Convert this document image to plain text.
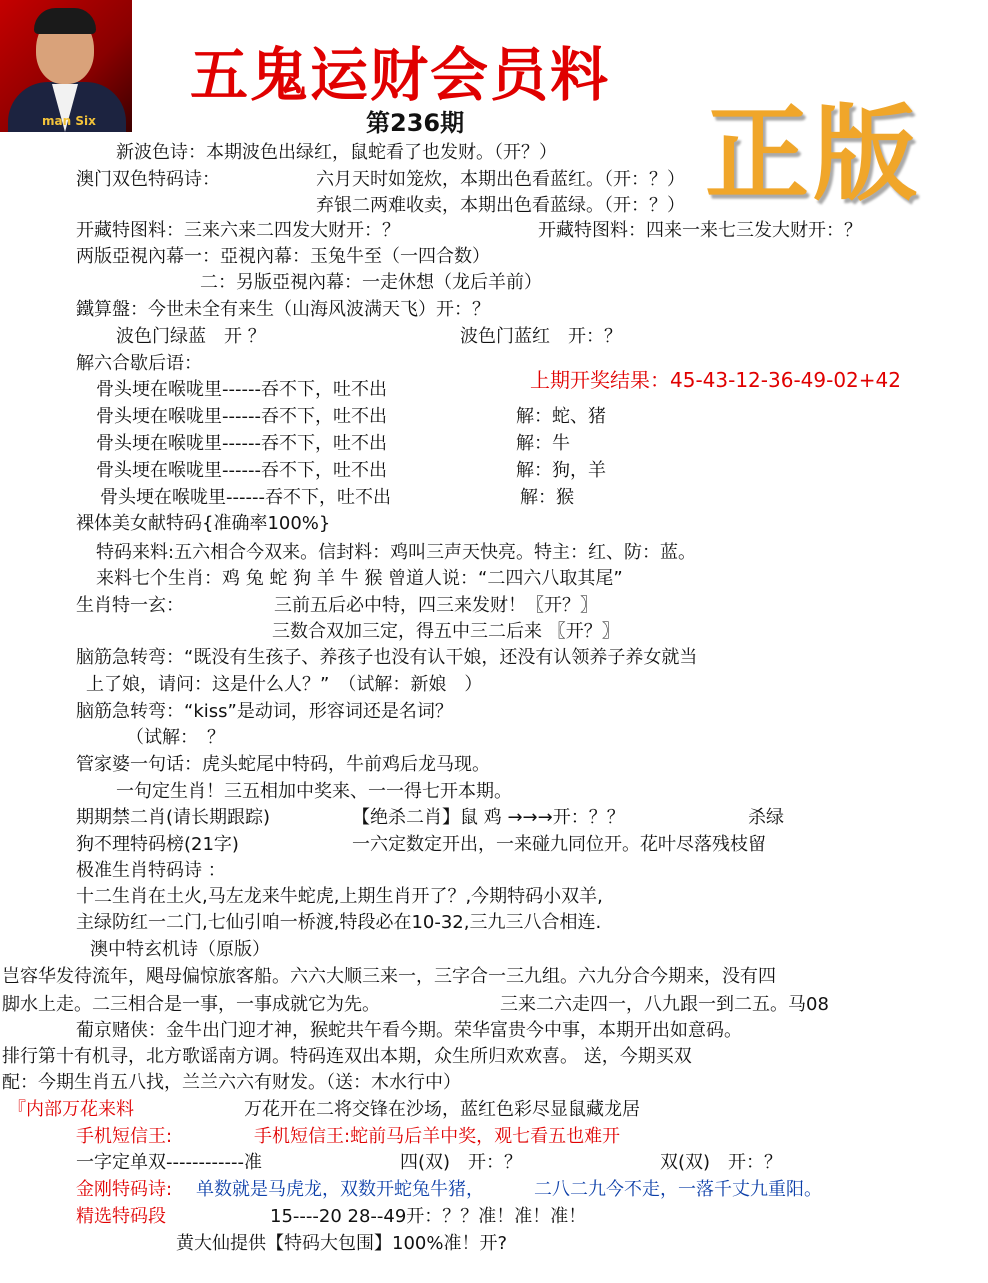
man Six
五鬼运财会员料
正版
第236期
新波色诗：本期波色出绿红，鼠蛇看了也发财。（开？）
澳门双色特码诗：	六月天时如笼炊，本期出色看蓝红。（开：？）
弃银二两难收卖，本期出色看蓝绿。（开：？）
开藏特图料：三来六来二四发大财开：？	开藏特图料：四来一来七三发大财开：？
两版亞視內幕一：亞視內幕：玉兔牛至（一四合数）
二：另版亞視內幕：一走休想（龙后羊前）
鐵算盤：今世未全有来生（山海风波满天飞）开：？
波色门绿蓝　开 ？	波色门蓝红　开：？
解六合歇后语：
上期开奖结果：45-43-12-36-49-02+42
骨头埂在喉咙里------吞不下，吐不出
骨头埂在喉咙里------吞不下，吐不出	解：蛇、猪
骨头埂在喉咙里------吞不下，吐不出	解：牛
骨头埂在喉咙里------吞不下，吐不出	解：狗，羊
骨头埂在喉咙里------吞不下，吐不出	解：猴
裸体美女献特码{准确率100%}
特码来料:五六相合今双来。信封料：鸡叫三声天快亮。特主：红、防：蓝。
来料七个生肖：鸡 兔 蛇 狗 羊 牛 猴 曾道人说：“二四六八取其尾”
生肖特一玄：	三前五后必中特，四三来发财！〖开？〗
三数合双加三定，得五中三二后来 〖开？〗
脑筋急转弯：“既没有生孩子、养孩子也没有认干娘，还没有认领养子养女就当
上了娘，请问：这是什么人？”　（试解：新娘　）
脑筋急转弯：“kiss”是动词，形容词还是名词？
（试解：　？
管家婆一句话：虎头蛇尾中特码，牛前鸡后龙马现。
一句定生肖！三五相加中奖来、一一得七开本期。
期期禁二肖(请长期跟踪)	【绝杀二肖】鼠 鸡 →→→开：？？	杀绿
狗不理特码榜(21字)	一六定数定开出，一来碰九同位开。花叶尽落残枝留
极准生肖特码诗 ：
十二生肖在土火,马左龙来牛蛇虎,上期生肖开了？,今期特码小双羊,
主绿防红一二门,七仙引咱一桥渡,特段必在10-32,三九三八合相连.
澳中特玄机诗（原版）
岂容华发待流年，飓母偏惊旅客船。六六大顺三来一，三字合一三九组。六九分合今期来，没有四
脚水上走。二三相合是一事，一事成就它为先。	三来二六走四一，八九跟一到二五。马08
葡京赌侠：金牛出门迎才神，猴蛇共午看今期。荣华富贵今中事，本期开出如意码。
排行第十有机寻，北方歌谣南方调。特码连双出本期，众生所归欢欢喜。 送，今期买双
配：今期生肖五八找，兰兰六六有财发。（送：木水行中）
『内部万花来料	万花开在二将交锋在沙场，蓝红色彩尽显鼠藏龙居
手机短信王:	手机短信王:蛇前马后羊中奖，观七看五也难开
一字定单双------------准	四(双)　开：？	双(双)　开：？
金刚特码诗: 单数就是马虎龙，双数开蛇兔牛猪，	二八二九今不走，一落千丈九重阳。
精选特码段	15----20 28--49开：？？准！准！准！
黄大仙提供【特码大包围】100%准！开?
